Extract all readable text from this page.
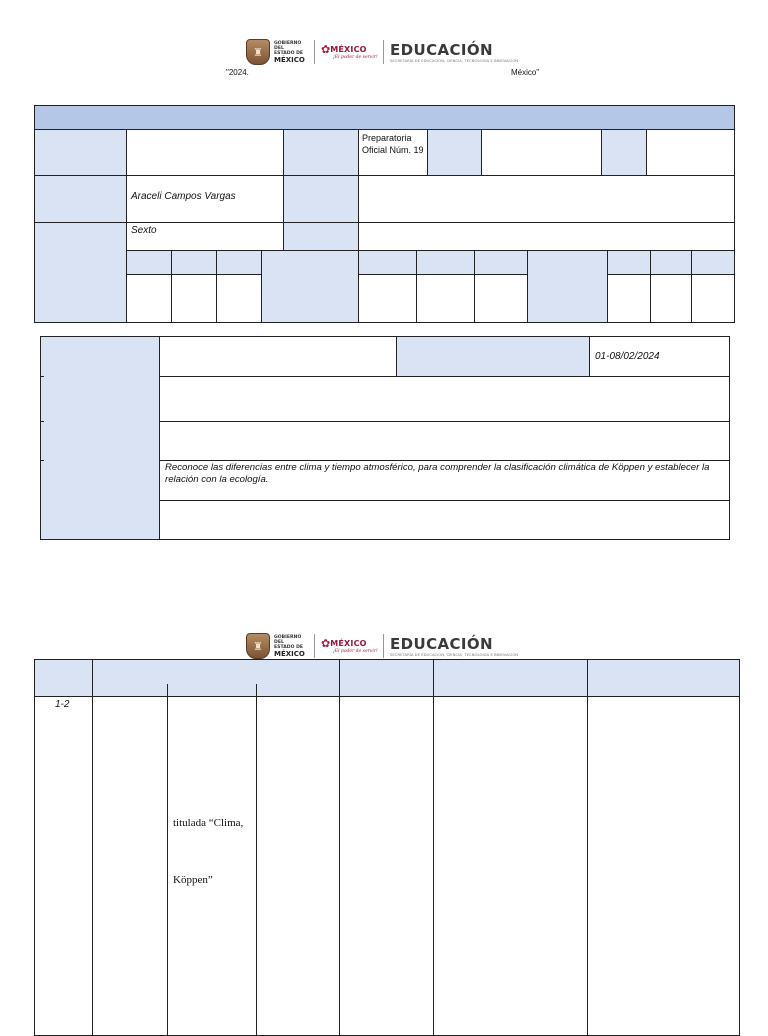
♜
GOBIERNO DEL
ESTADO DE
MÉXICO
✿ MÉXICO
¡El poder de servir! EDUCACIÓN
SECRETARÍA DE EDUCACIÓN, CIENCIA, TECNOLOGÍA E INNOVACIÓN
"2024.	México"
Preparatoria Oficial Núm. 19
Araceli Campos Vargas
Sexto
01-08/02/2024
Reconoce las diferencias entre clima y tiempo atmosférico, para comprender la clasificación climática de Köppen y establecer la relación con la ecología.
♜
GOBIERNO DEL
ESTADO DE
MÉXICO
✿ MÉXICO
¡El poder de servir! EDUCACIÓN
SECRETARÍA DE EDUCACIÓN, CIENCIA, TECNOLOGÍA E INNOVACIÓN
1-2
titulada “Clima,
Köppen”
